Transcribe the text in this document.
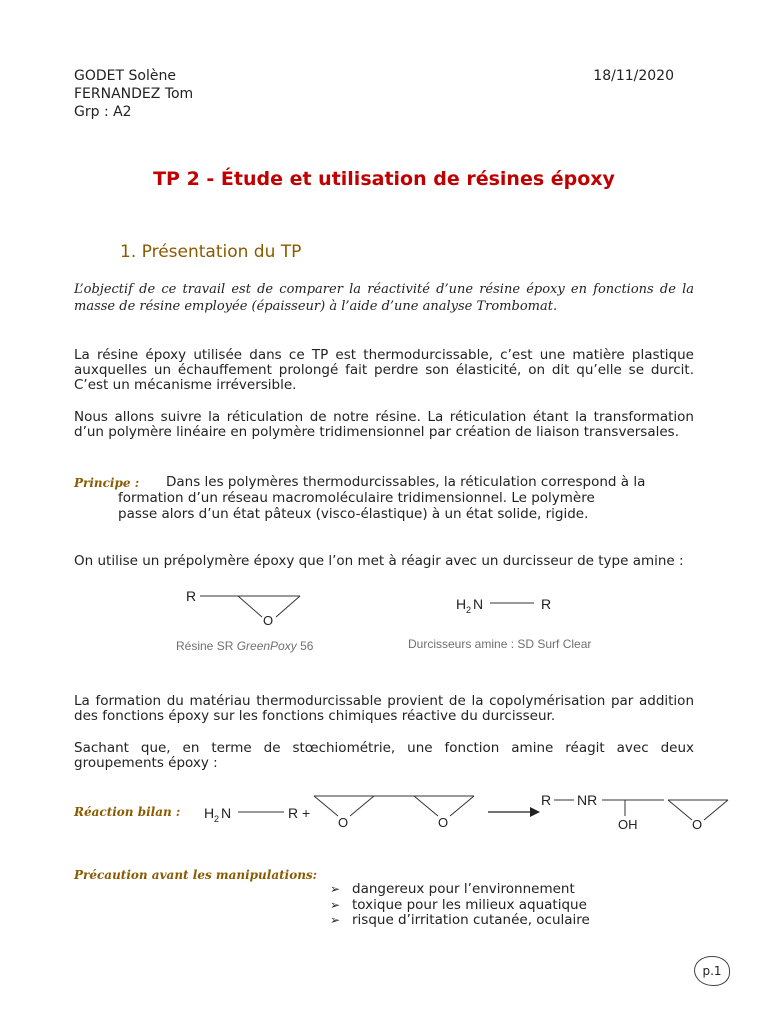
GODET Solène
FERNANDEZ Tom
Grp : A2
18/11/2020
TP 2 - Étude et utilisation de résines époxy
1. Présentation du TP
L’objectif de ce travail est de comparer la réactivité d’une résine époxy en fonctions de la masse de résine employée (épaisseur) à l’aide d’une analyse Trombomat.
La résine époxy utilisée dans ce TP est thermodurcissable, c’est une matière plastique auxquelles un échauffement prolongé fait perdre son élasticité, on dit qu’elle se durcit. C’est un mécanisme irréversible.
Nous allons suivre la réticulation de notre résine. La réticulation étant la transformation d’un polymère linéaire en polymère tridimensionnel par création de liaison transversales.
Principe : Dans les polymères thermodurcissables, la réticulation correspond à la
formation d’un réseau macromoléculaire tridimensionnel. Le polymère
passe alors d’un état pâteux (visco-élastique) à un état solide, rigide.
On utilise un prépolymère époxy que l’on met à réagir avec un durcisseur de type amine :
R
O
Résine SR GreenPoxy 56
H 2 N	R
Durcisseurs amine : SD Surf Clear
La formation du matériau thermodurcissable provient de la copolymérisation par addition des fonctions époxy sur les fonctions chimiques réactive du durcisseur.
Sachant que, en terme de stœchiométrie, une fonction amine réagit avec deux groupements époxy :
Réaction bilan : H 2 N	R +
O	O
R NR
OH	O
Précaution avant les manipulations:
➢ dangereux pour l’environnement
➢ toxique pour les milieux aquatique
➢ risque d’irritation cutanée, oculaire
p.1
